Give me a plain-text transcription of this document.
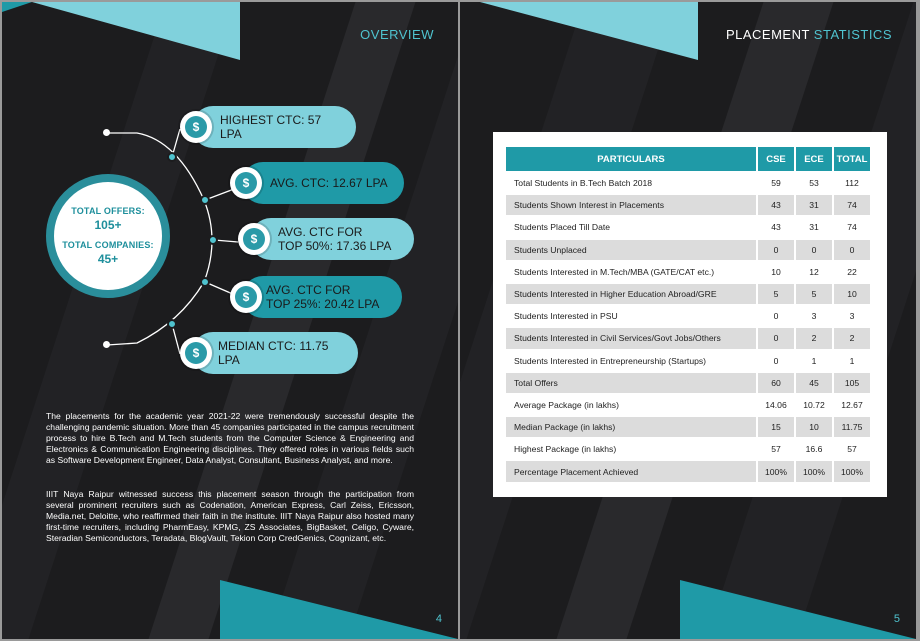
OVERVIEW
TOTAL OFFERS:
105+
TOTAL COMPANIES:
45+
$	HIGHEST CTC: 57 LPA
$	AVG. CTC: 12.67 LPA
$	AVG. CTC FOR
TOP 50%: 17.36 LPA
$	AVG. CTC FOR
TOP 25%: 20.42 LPA
$	MEDIAN CTC: 11.75 LPA

The placements for the academic year 2021-22 were tremendously successful despite the challenging pandemic situation. More than 45 companies participated in the campus recruitment process to hire B.Tech and M.Tech students from the Computer Science & Engineering and Electronics & Communication Engineering disciplines. They offered roles in various fields such as Software Development Engineer, Data Analyst, Consultant, Business Analyst, and more.

IIIT Naya Raipur witnessed success this placement season through the participation from several prominent recruiters such as Codenation, American Express, Carl Zeiss, Ericsson, Media.net, Deloitte, who reaffirmed their faith in the institute. IIIT Naya Raipur also hosted many first-time recruiters, including PharmEasy, KPMG, ZS Associates, BigBasket, Celigo, Cyware, Steradian Semiconductors, Teradata, BlogVault, Tekion Corp CredGenics, Cognizant, etc.

4
PLACEMENT STATISTICS
PARTICULARS	CSE	ECE	TOTAL
Total Students in B.Tech Batch 2018	59	53	112
Students Shown Interest in Placements	43	31	74
Students Placed Till Date	43	31	74
Students Unplaced	0	0	0
Students Interested in M.Tech/MBA (GATE/CAT etc.)	10	12	22
Students Interested in Higher Education Abroad/GRE	5	5	10
Students Interested in PSU	0	3	3
Students Interested in Civil Services/Govt Jobs/Others	0	2	2
Students Interested in Entrepreneurship (Startups)	0	1	1
Total Offers	60	45	105
Average Package (in lakhs)	14.06	10.72	12.67
Median Package (in lakhs)	15	10	11.75
Highest Package (in lakhs)	57	16.6	57
Percentage Placement Achieved	100%	100%	100%
5
